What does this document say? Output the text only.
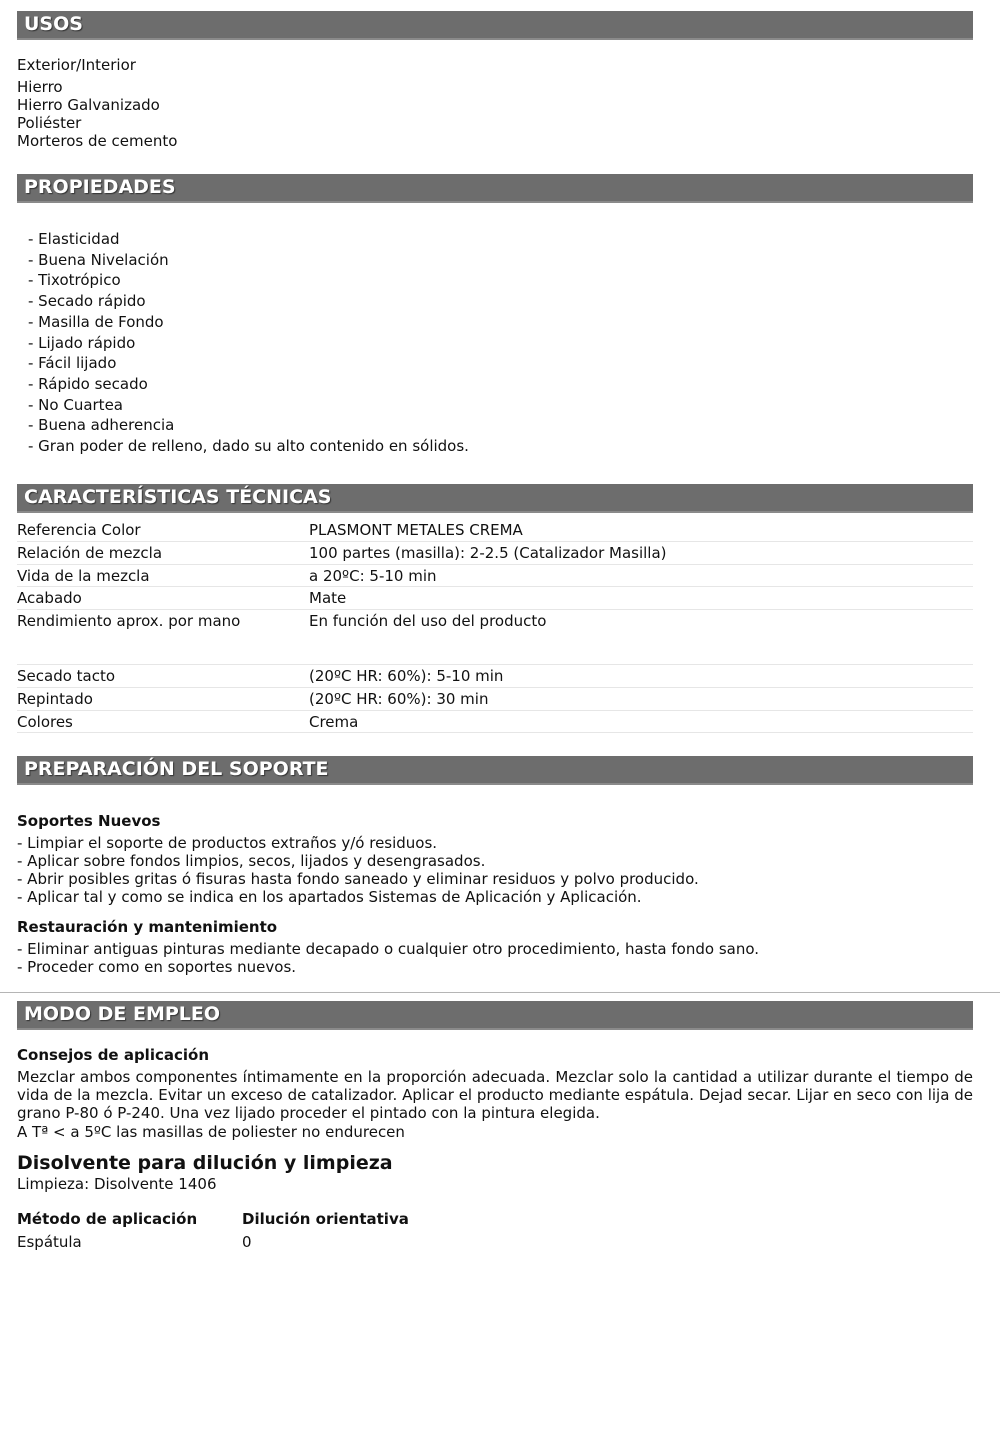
USOS
Exterior/Interior
Hierro
Hierro Galvanizado
Poliéster
Morteros de cemento
PROPIEDADES
- Elasticidad
- Buena Nivelación
- Tixotrópico
- Secado rápido
- Masilla de Fondo
- Lijado rápido
- Fácil lijado
- Rápido secado
- No Cuartea
- Buena adherencia
- Gran poder de relleno, dado su alto contenido en sólidos.
CARACTERÍSTICAS TÉCNICAS
Referencia Color	PLASMONT METALES CREMA
Relación de mezcla	100 partes (masilla): 2-2.5 (Catalizador Masilla)
Vida de la mezcla	a 20ºC: 5-10 min
Acabado	Mate
Rendimiento aprox. por mano	En función del uso del producto
Secado tacto	(20ºC HR: 60%): 5-10 min
Repintado	(20ºC HR: 60%): 30 min
Colores	Crema
PREPARACIÓN DEL SOPORTE
Soportes Nuevos
- Limpiar el soporte de productos extraños y/ó residuos.
- Aplicar sobre fondos limpios, secos, lijados y desengrasados.
- Abrir posibles gritas ó fisuras hasta fondo saneado y eliminar residuos y polvo producido.
- Aplicar tal y como se indica en los apartados Sistemas de Aplicación y Aplicación.
Restauración y mantenimiento
- Eliminar antiguas pinturas mediante decapado o cualquier otro procedimiento, hasta fondo sano.
- Proceder como en soportes nuevos.
MODO DE EMPLEO
Consejos de aplicación
Mezclar ambos componentes íntimamente en la proporción adecuada. Mezclar solo la cantidad a utilizar durante el tiempo de vida de la mezcla. Evitar un exceso de catalizador. Aplicar el producto mediante espátula. Dejad secar. Lijar en seco con lija de grano P-80 ó P-240. Una vez lijado proceder el pintado con la pintura elegida.
A Tª < a 5ºC las masillas de poliester no endurecen
Disolvente para dilución y limpieza
Limpieza: Disolvente 1406
Método de aplicación	Dilución orientativa
Espátula	0
